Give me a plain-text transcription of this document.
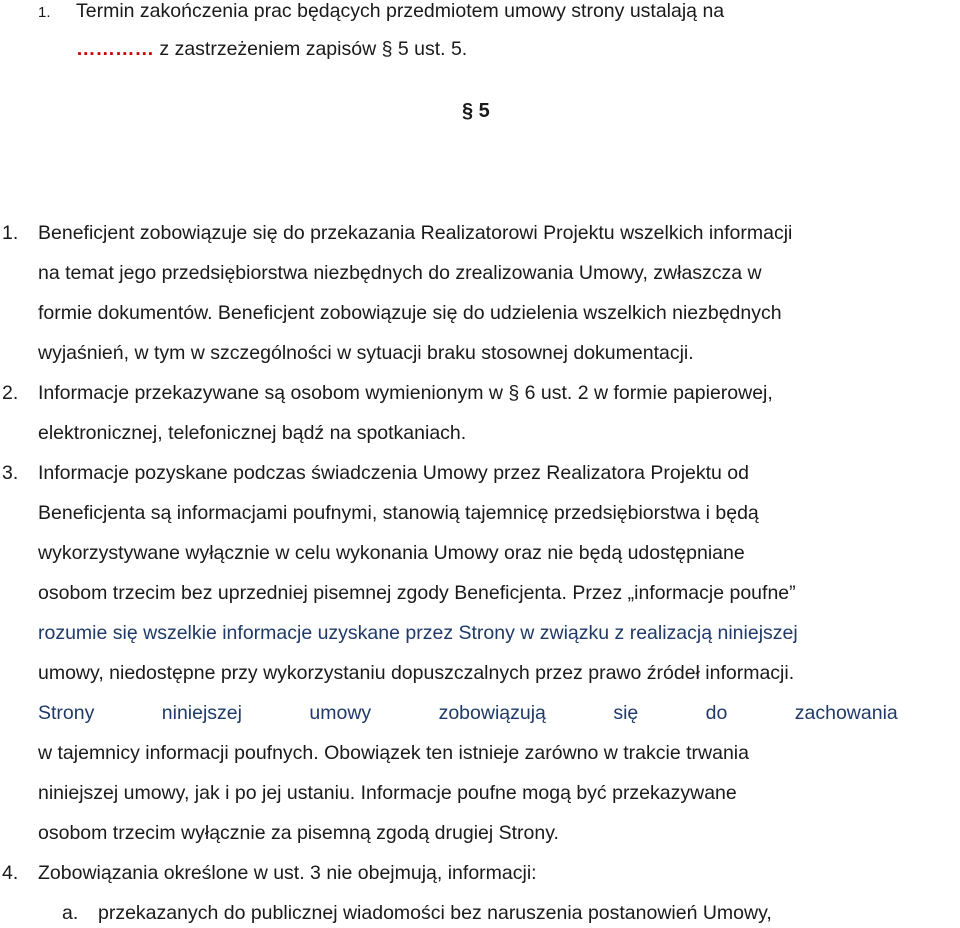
1. Termin zakończenia prac będących przedmiotem umowy strony ustalają na
………… z zastrzeżeniem zapisów § 5 ust. 5.
§ 5
1. Beneficjent zobowiązuje się do przekazania Realizatorowi Projektu wszelkich informacji
na temat jego przedsiębiorstwa niezbędnych do zrealizowania Umowy, zwłaszcza w
formie dokumentów. Beneficjent zobowiązuje się do udzielenia wszelkich niezbędnych
wyjaśnień, w tym w szczególności w sytuacji braku stosownej dokumentacji.
2. Informacje przekazywane są osobom wymienionym w § 6 ust. 2 w formie papierowej,
elektronicznej, telefonicznej bądź na spotkaniach.
3. Informacje pozyskane podczas świadczenia Umowy przez Realizatora Projektu od
Beneficjenta są informacjami poufnymi, stanowią tajemnicę przedsiębiorstwa i będą
wykorzystywane wyłącznie w celu wykonania Umowy oraz nie będą udostępniane
osobom trzecim bez uprzedniej pisemnej zgody Beneficjenta. Przez „informacje poufne”
rozumie się wszelkie informacje uzyskane przez Strony w związku z realizacją niniejszej
umowy, niedostępne przy wykorzystaniu dopuszczalnych przez prawo źródeł informacji.
Strony niniejszej umowy zobowiązują się do zachowania
w tajemnicy informacji poufnych. Obowiązek ten istnieje zarówno w trakcie trwania
niniejszej umowy, jak i po jej ustaniu. Informacje poufne mogą być przekazywane
osobom trzecim wyłącznie za pisemną zgodą drugiej Strony.
4. Zobowiązania określone w ust. 3 nie obejmują, informacji:
a. przekazanych do publicznej wiadomości bez naruszenia postanowień Umowy,
